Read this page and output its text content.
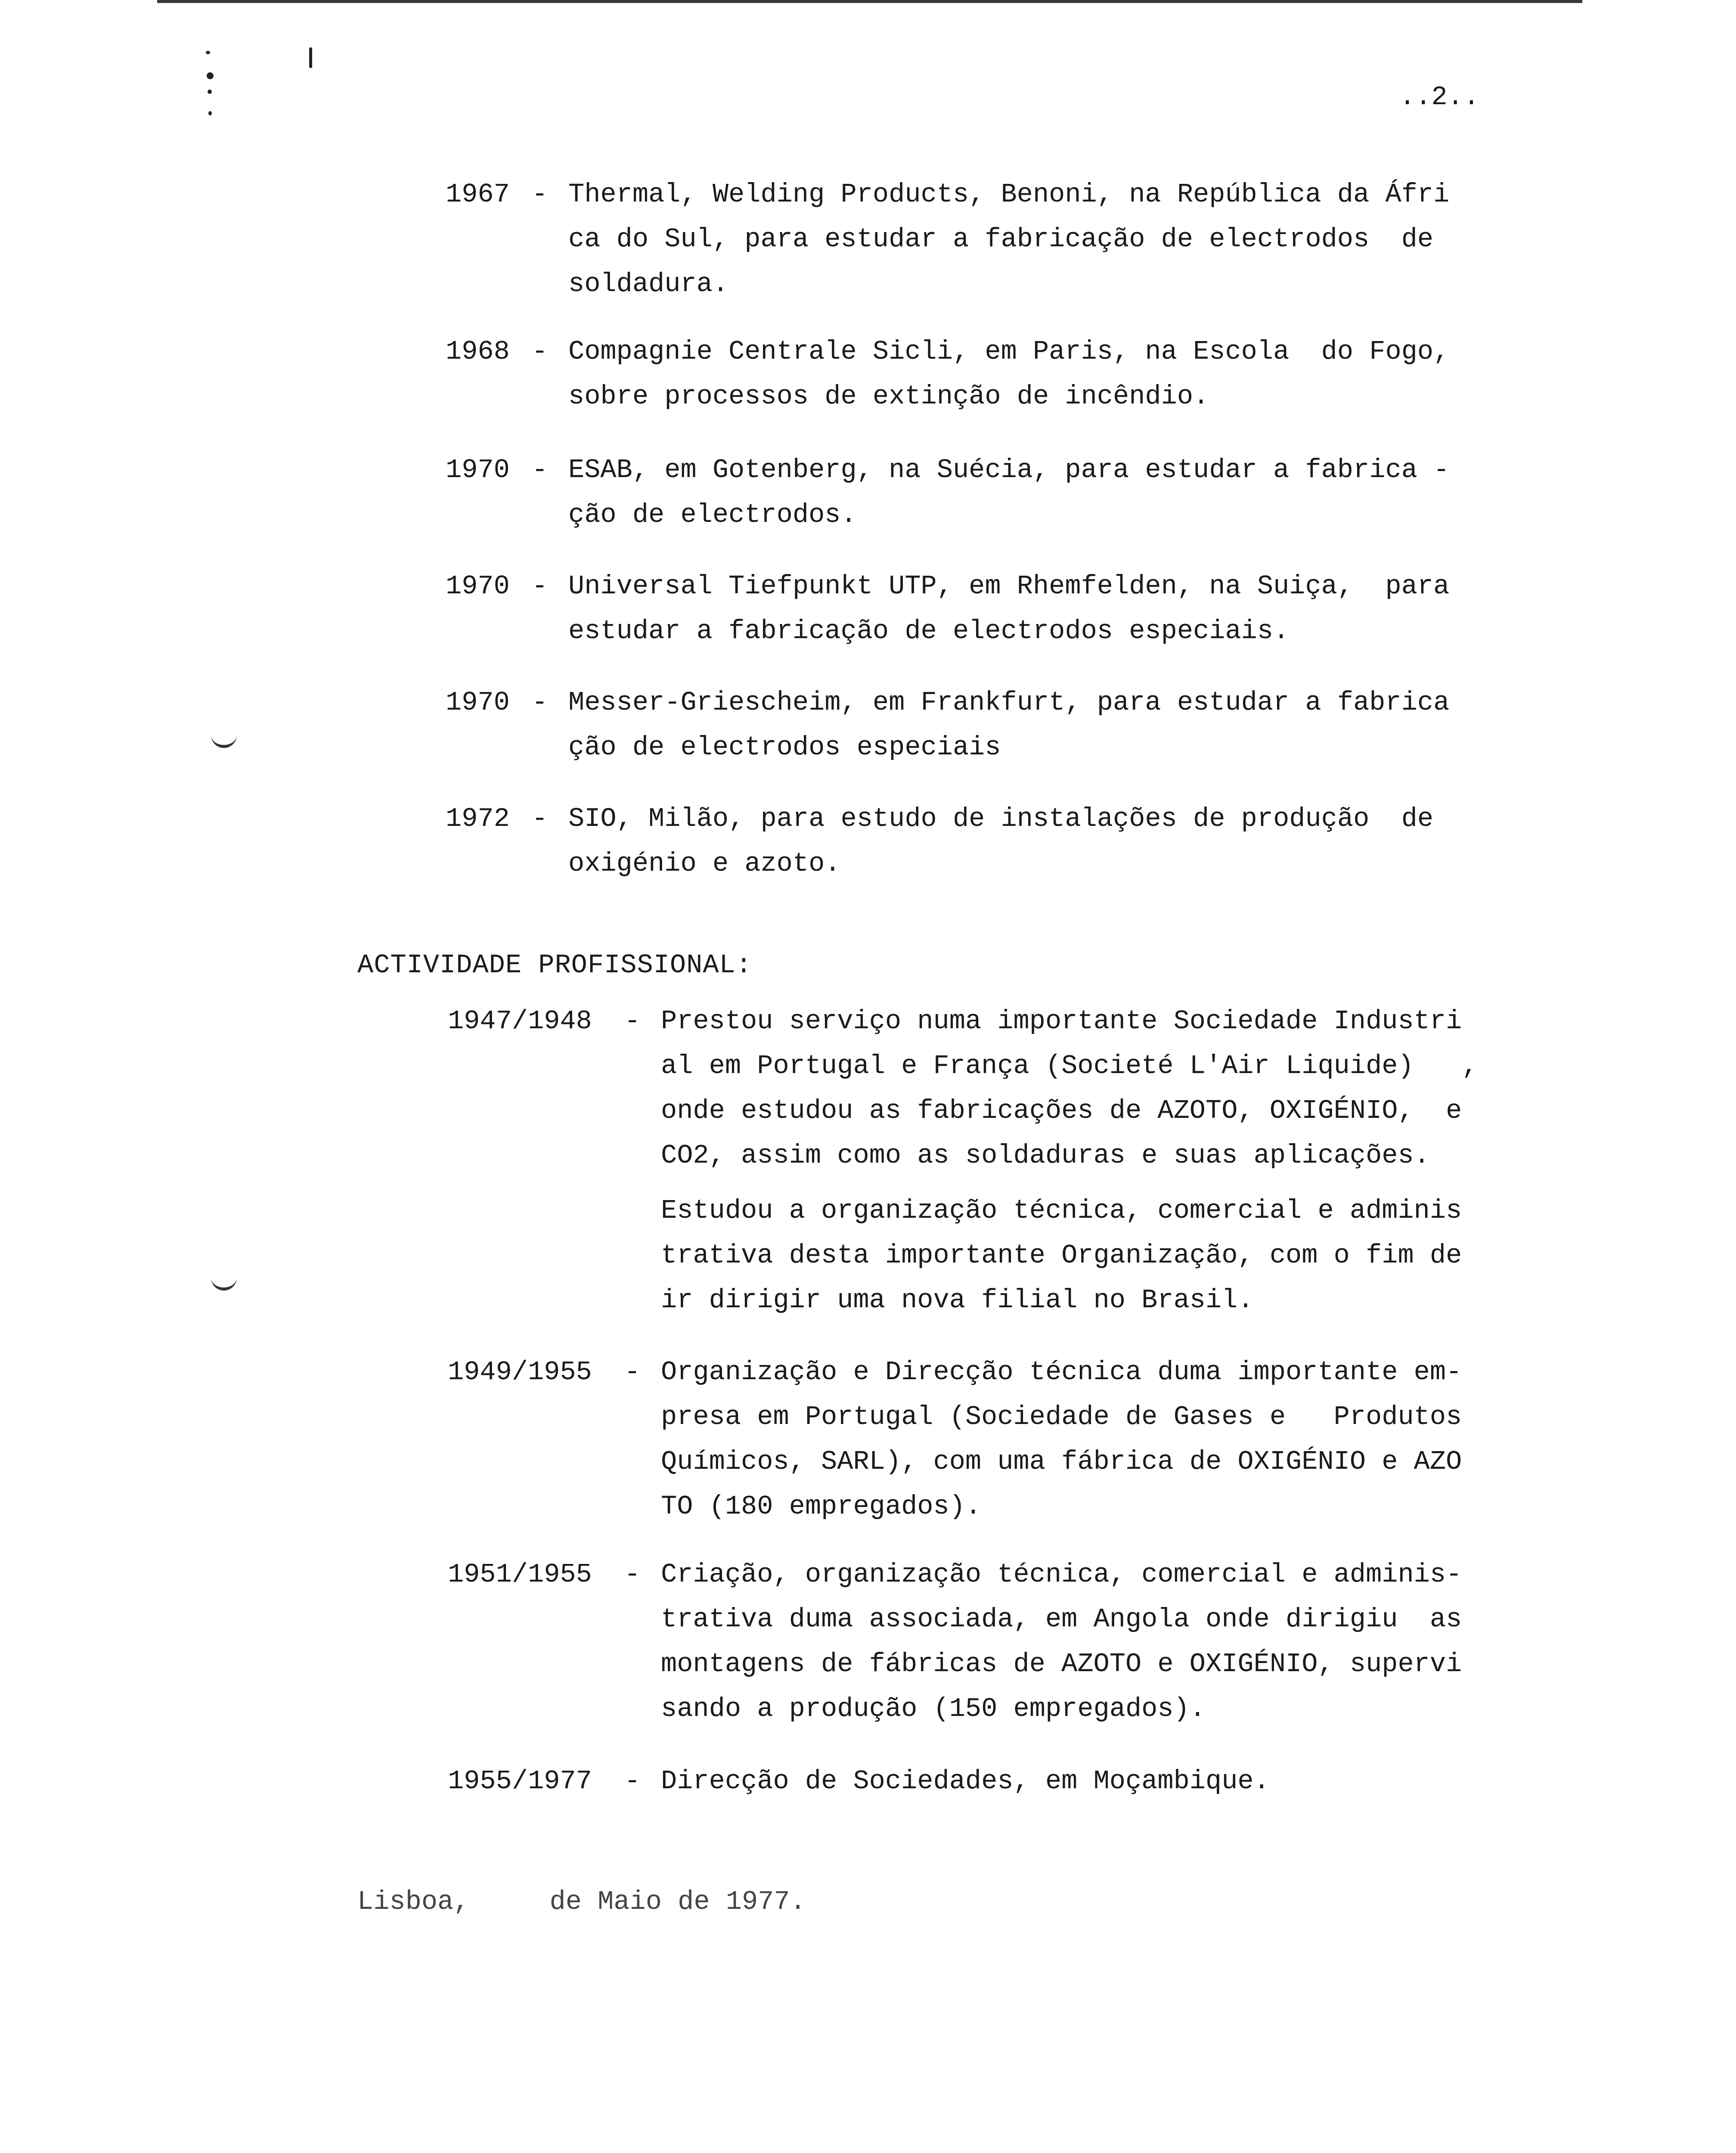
..2..
1967 - Thermal, Welding Products, Benoni, na República da Áfri
ca do Sul, para estudar a fabricação de electrodos  de
soldadura.
1968 - Compagnie Centrale Sicli, em Paris, na Escola  do Fogo,
sobre processos de extinção de incêndio.
1970 - ESAB, em Gotenberg, na Suécia, para estudar a fabrica -
ção de electrodos.
1970 - Universal Tiefpunkt UTP, em Rhemfelden, na Suiça,  para
estudar a fabricação de electrodos especiais.
1970 - Messer-Griescheim, em Frankfurt, para estudar a fabrica
ção de electrodos especiais
1972 - SIO, Milão, para estudo de instalações de produção  de
oxigénio e azoto.
ACTIVIDADE PROFISSIONAL:
1947/1948 - Prestou serviço numa importante Sociedade Industri
al em Portugal e França (Societé L'Air Liquide)   ,
onde estudou as fabricações de AZOTO, OXIGÉNIO,  e
CO2, assim como as soldaduras e suas aplicações.
Estudou a organização técnica, comercial e adminis
trativa desta importante Organização, com o fim de
ir dirigir uma nova filial no Brasil.
1949/1955 - Organização e Direcção técnica duma importante em-
presa em Portugal (Sociedade de Gases e   Produtos
Químicos, SARL), com uma fábrica de OXIGÉNIO e AZO
TO (180 empregados).
1951/1955 - Criação, organização técnica, comercial e adminis-
trativa duma associada, em Angola onde dirigiu  as
montagens de fábricas de AZOTO e OXIGÉNIO, supervi
sando a produção (150 empregados).
1955/1977 - Direcção de Sociedades, em Moçambique.
Lisboa,	de Maio de 1977.
